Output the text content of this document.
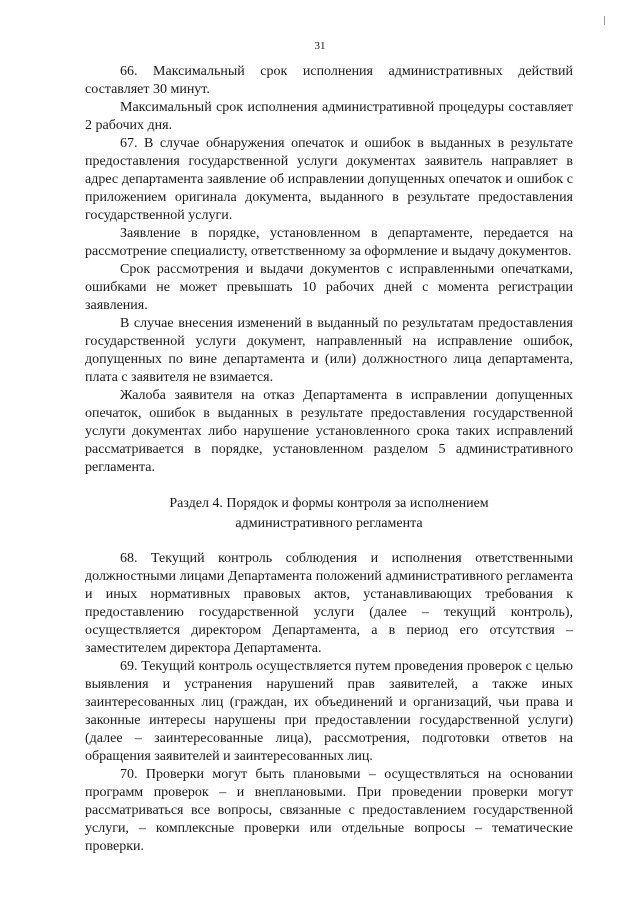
31

66. Максимальный срок исполнения административных действий составляет 30 минут.

Максимальный срок исполнения административной процедуры составляет 2 рабочих дня.

67. В случае обнаружения опечаток и ошибок в выданных в результате предоставления государственной услуги документах заявитель направляет в адрес департамента заявление об исправлении допущенных опечаток и ошибок с приложением оригинала документа, выданного в результате предоставления государственной услуги.

Заявление в порядке, установленном в департаменте, передается на рассмотрение специалисту, ответственному за оформление и выдачу документов.

Срок рассмотрения и выдачи документов с исправленными опечатками, ошибками не может превышать 10 рабочих дней с момента регистрации заявления.

В случае внесения изменений в выданный по результатам предоставления государственной услуги документ, направленный на исправление ошибок, допущенных по вине департамента и (или) должностного лица департамента, плата с заявителя не взимается.

Жалоба заявителя на отказ Департамента в исправлении допущенных опечаток, ошибок в выданных в результате предоставления государственной услуги документах либо нарушение установленного срока таких исправлений рассматривается в порядке, установленном разделом 5 административного регламента.

Раздел 4. Порядок и формы контроля за исполнением

административного регламента

68. Текущий контроль соблюдения и исполнения ответственными должностными лицами Департамента положений административного регламента и иных нормативных правовых актов, устанавливающих требования к предоставлению государственной услуги (далее – текущий контроль), осуществляется директором Департамента, а в период его отсутствия – заместителем директора Департамента.

69. Текущий контроль осуществляется путем проведения проверок с целью выявления и устранения нарушений прав заявителей, а также иных заинтересованных лиц (граждан, их объединений и организаций, чьи права и законные интересы нарушены при предоставлении государственной услуги) (далее – заинтересованные лица), рассмотрения, подготовки ответов на обращения заявителей и заинтересованных лиц.

70. Проверки могут быть плановыми – осуществляться на основании программ проверок – и внеплановыми. При проведении проверки могут рассматриваться все вопросы, связанные с предоставлением государственной услуги, – комплексные проверки или отдельные вопросы – тематические проверки.
